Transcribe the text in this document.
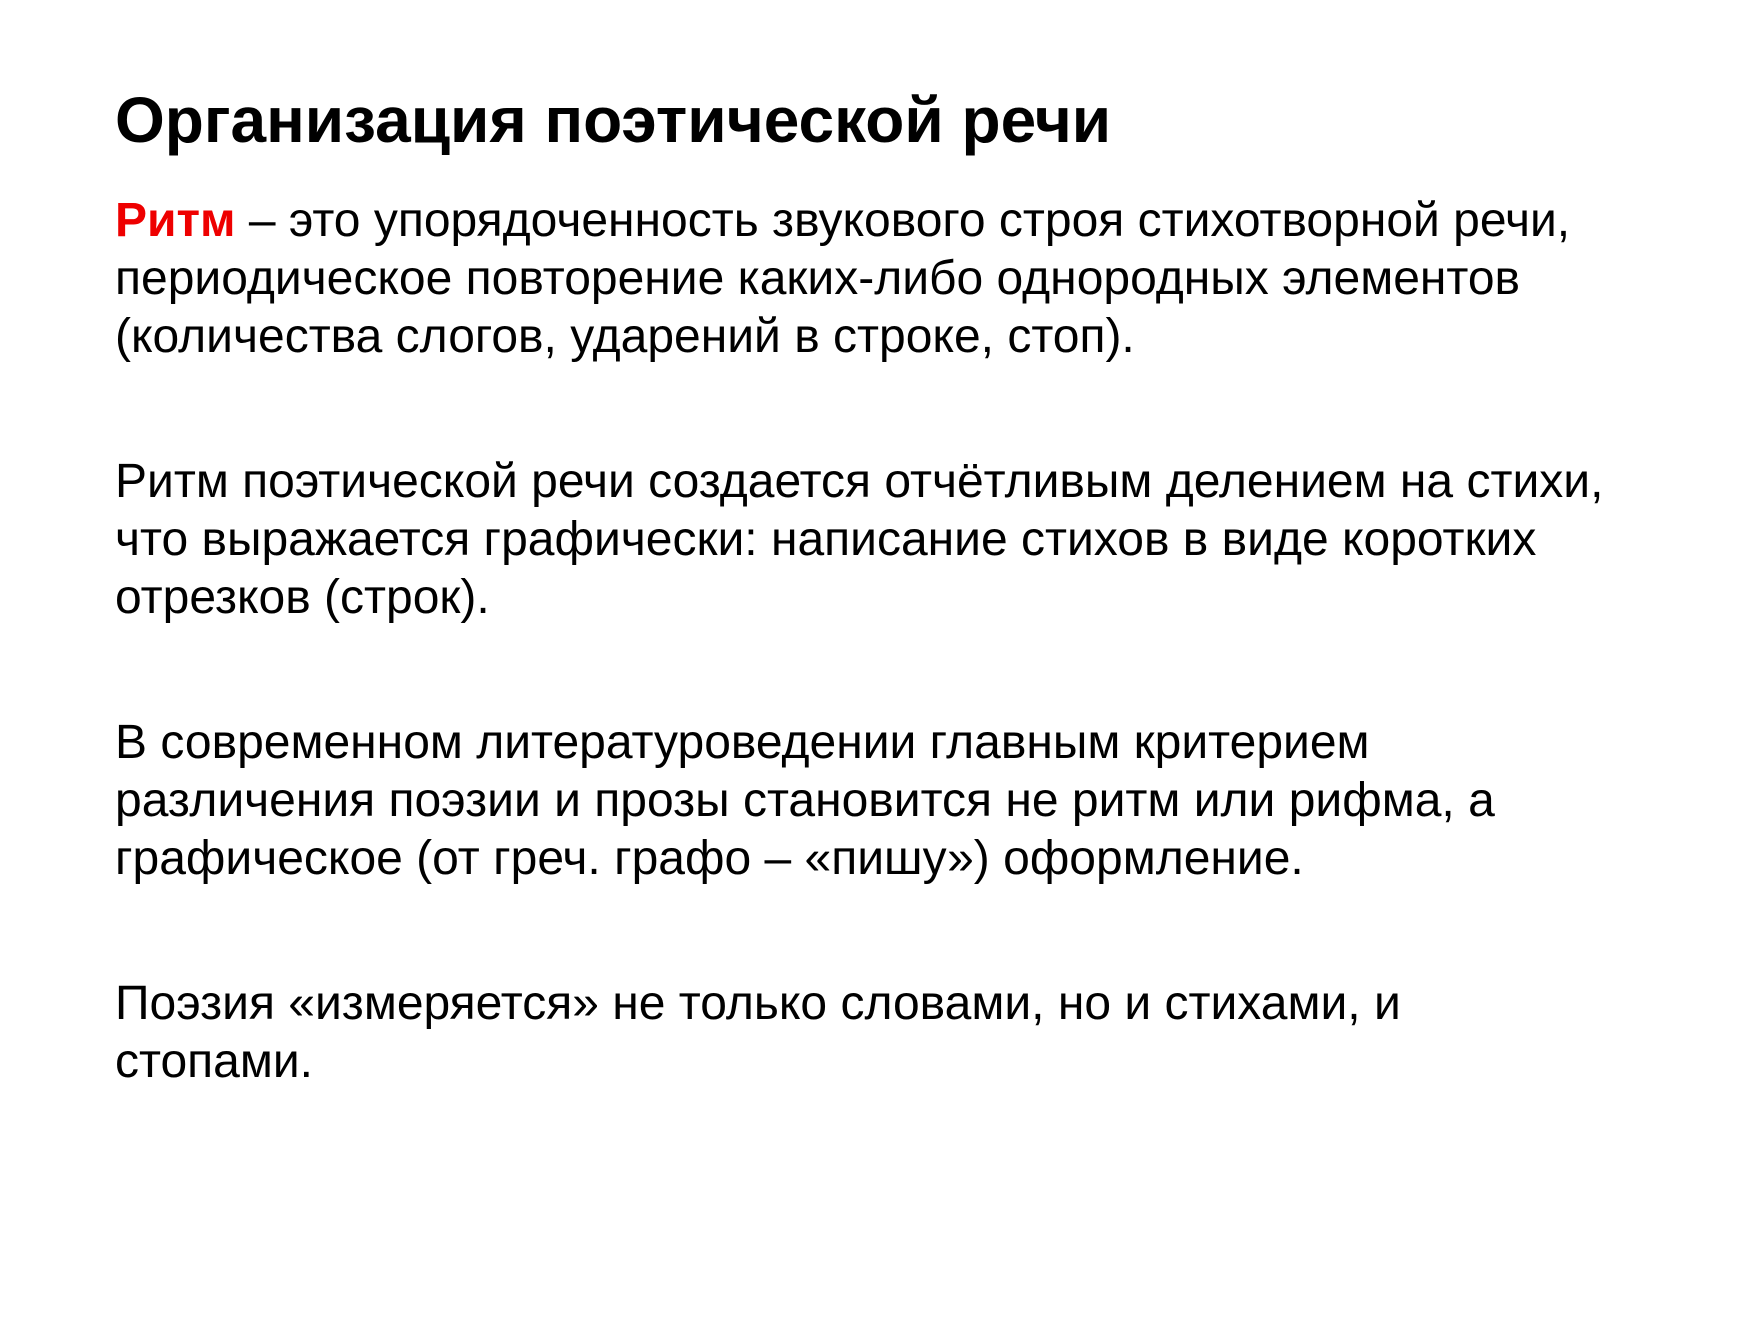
Организация поэтической речи

Ритм – это упорядоченность звукового строя стихотворной речи,
периодическое повторение каких-либо однородных элементов
(количества слогов, ударений в строке, стоп).

Ритм поэтической речи создается отчётливым делением на стихи,
что выражается графически: написание стихов в виде коротких
отрезков (строк).

В современном литературоведении главным критерием
различения поэзии и прозы становится не ритм или рифма, а
графическое (от греч. графо – «пишу») оформление.

Поэзия «измеряется» не только словами, но и стихами, и
стопами.
